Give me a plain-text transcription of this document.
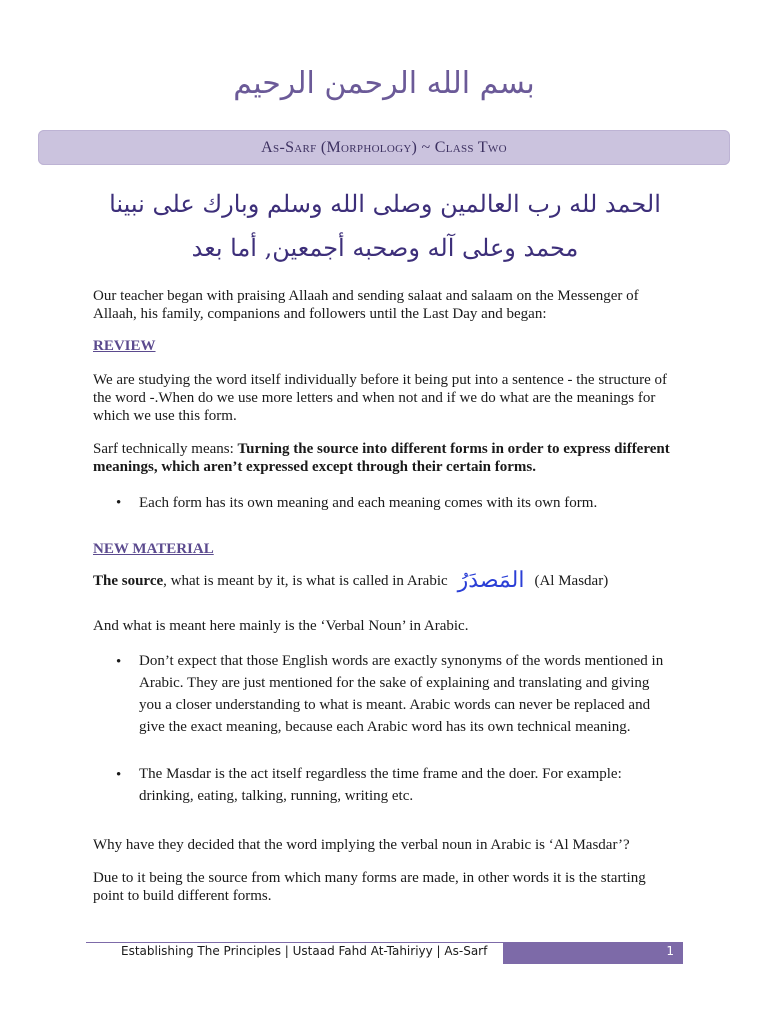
بسم الله الرحمن الرحيم
As-Sarf (Morphology) ~ Class Two
الحمد لله رب العالمين وصلى الله وسلم وبارك على نبينا محمد وعلى آله وصحبه أجمعين, أما بعد
Our teacher began with praising Allaah and sending salaat and salaam on the Messenger of Allaah, his family, companions and followers until the Last Day and began:
REVIEW
We are studying the word itself individually before it being put into a sentence - the structure of the word -.When do we use more letters and when not and if we do what are the meanings for which we use this form.
Sarf technically means: Turning the source into different forms in order to express different meanings, which aren’t expressed except through their certain forms.
• Each form has its own meaning and each meaning comes with its own form.
NEW MATERIAL
The source, what is meant by it, is what is called in Arabic المَصدَرُ (Al Masdar)
And what is meant here mainly is the ‘Verbal Noun’ in Arabic.
• Don’t expect that those English words are exactly synonyms of the words mentioned in Arabic. They are just mentioned for the sake of explaining and translating and giving you a closer understanding to what is meant. Arabic words can never be replaced and give the exact meaning, because each Arabic word has its own technical meaning.
• The Masdar is the act itself regardless the time frame and the doer. For example: drinking, eating, talking, running, writing etc.
Why have they decided that the word implying the verbal noun in Arabic is ‘Al Masdar’?
Due to it being the source from which many forms are made, in other words it is the starting point to build different forms.
Establishing The Principles | Ustaad Fahd At-Tahiriyy | As-Sarf	1
